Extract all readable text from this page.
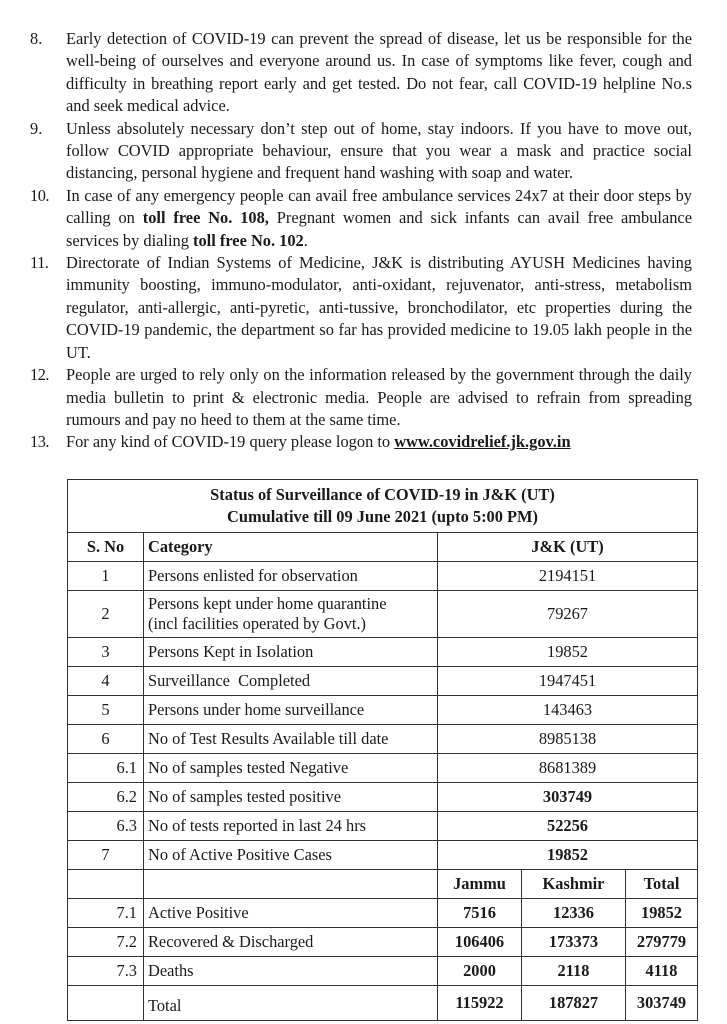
8.	Early detection of COVID-19 can prevent the spread of disease, let us be responsible for the well-being of ourselves and everyone around us. In case of symptoms like fever, cough and difficulty in breathing report early and get tested. Do not fear, call COVID-19 helpline No.s and seek medical advice.
9.	Unless absolutely necessary don’t step out of home, stay indoors. If you have to move out, follow COVID appropriate behaviour, ensure that you wear a mask and practice social distancing, personal hygiene and frequent hand washing with soap and water.
10.	In case of any emergency people can avail free ambulance services 24x7 at their door steps by calling on toll free No. 108, Pregnant women and sick infants can avail free ambulance services by dialing toll free No. 102.
11.	Directorate of Indian Systems of Medicine, J&K is distributing AYUSH Medicines having immunity boosting, immuno-modulator, anti-oxidant, rejuvenator, anti-stress, metabolism regulator, anti-allergic, anti-pyretic, anti-tussive, bronchodilator, etc properties during the COVID-19 pandemic, the department so far has provided medicine to 19.05 lakh people in the UT.
12.	People are urged to rely only on the information released by the government through the daily media bulletin to print & electronic media. People are advised to refrain from spreading rumours and pay no heed to them at the same time.
13.	For any kind of COVID-19 query please logon to www.covidrelief.jk.gov.in
Status of Surveillance of COVID-19 in J&K (UT)
Cumulative till 09 June 2021 (upto 5:00 PM)				

S. No	Category	J&K (UT)		
1	Persons enlisted for observation	2194151		
2	Persons kept under home quarantine
(incl facilities operated by Govt.)	79267		
3	Persons Kept in Isolation	19852		
4	Surveillance  Completed	1947451		
5	Persons under home surveillance	143463		
6	No of Test Results Available till date	8985138		
6.1	No of samples tested Negative	8681389		
6.2	No of samples tested positive	303749		
6.3	No of tests reported in last 24 hrs	52256		
7	No of Active Positive Cases	19852		
		Jammu	Kashmir	Total
7.1	Active Positive	7516	12336	19852
7.2	Recovered & Discharged	106406	173373	279779
7.3	Deaths	2000	2118	4118
	Total	115922	187827	303749
